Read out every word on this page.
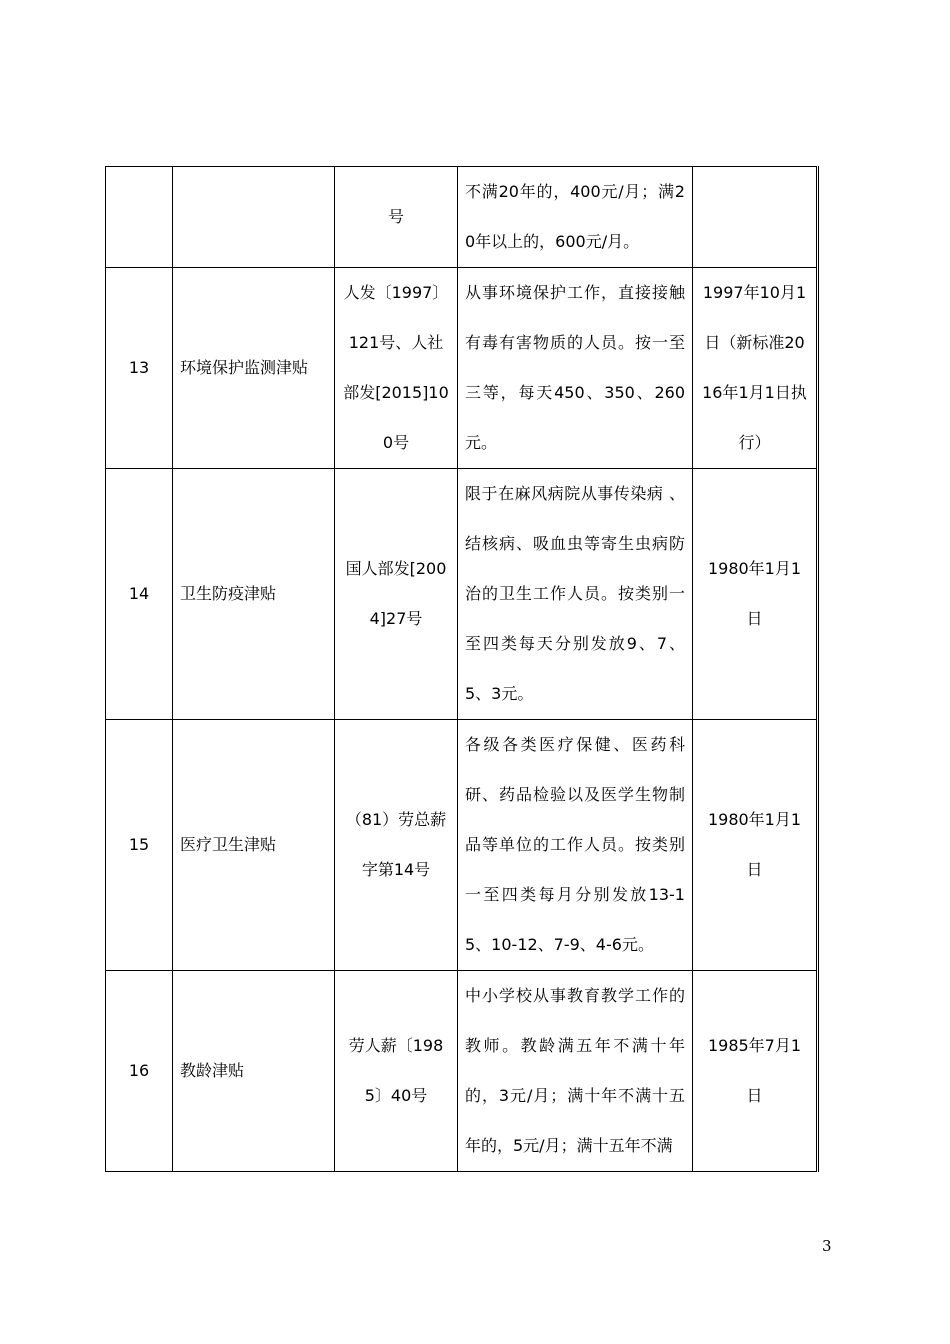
		号	不满20年的，400元/月；满20年以上的，600元/月。	
13	环境保护监测津贴	人发〔1997〕121号、人社部发[2015]100号	从事环境保护工作，直接接触有毒有害物质的人员。按一至三等，每天450、350、260元。	1997年10月1日（新标准2016年1月1日执行）
14	卫生防疫津贴	国人部发[2004]27号	限于在麻风病院从事传染病 、结核病、吸血虫等寄生虫病防治的卫生工作人员。按类别一至四类每天分别发放9、7、5、3元。	1980年1月1日
15	医疗卫生津贴	（81）劳总薪字第14号	各级各类医疗保健、医药科研、药品检验以及医学生物制品等单位的工作人员。按类别一至四类每月分别发放13-15、10-12、7-9、4-6元。	1980年1月1日
16	教龄津贴	劳人薪〔1985〕40号	中小学校从事教育教学工作的教师。教龄满五年不满十年的，3元/月；满十年不满十五年的，5元/月；满十五年不满	1985年7月1日
3
